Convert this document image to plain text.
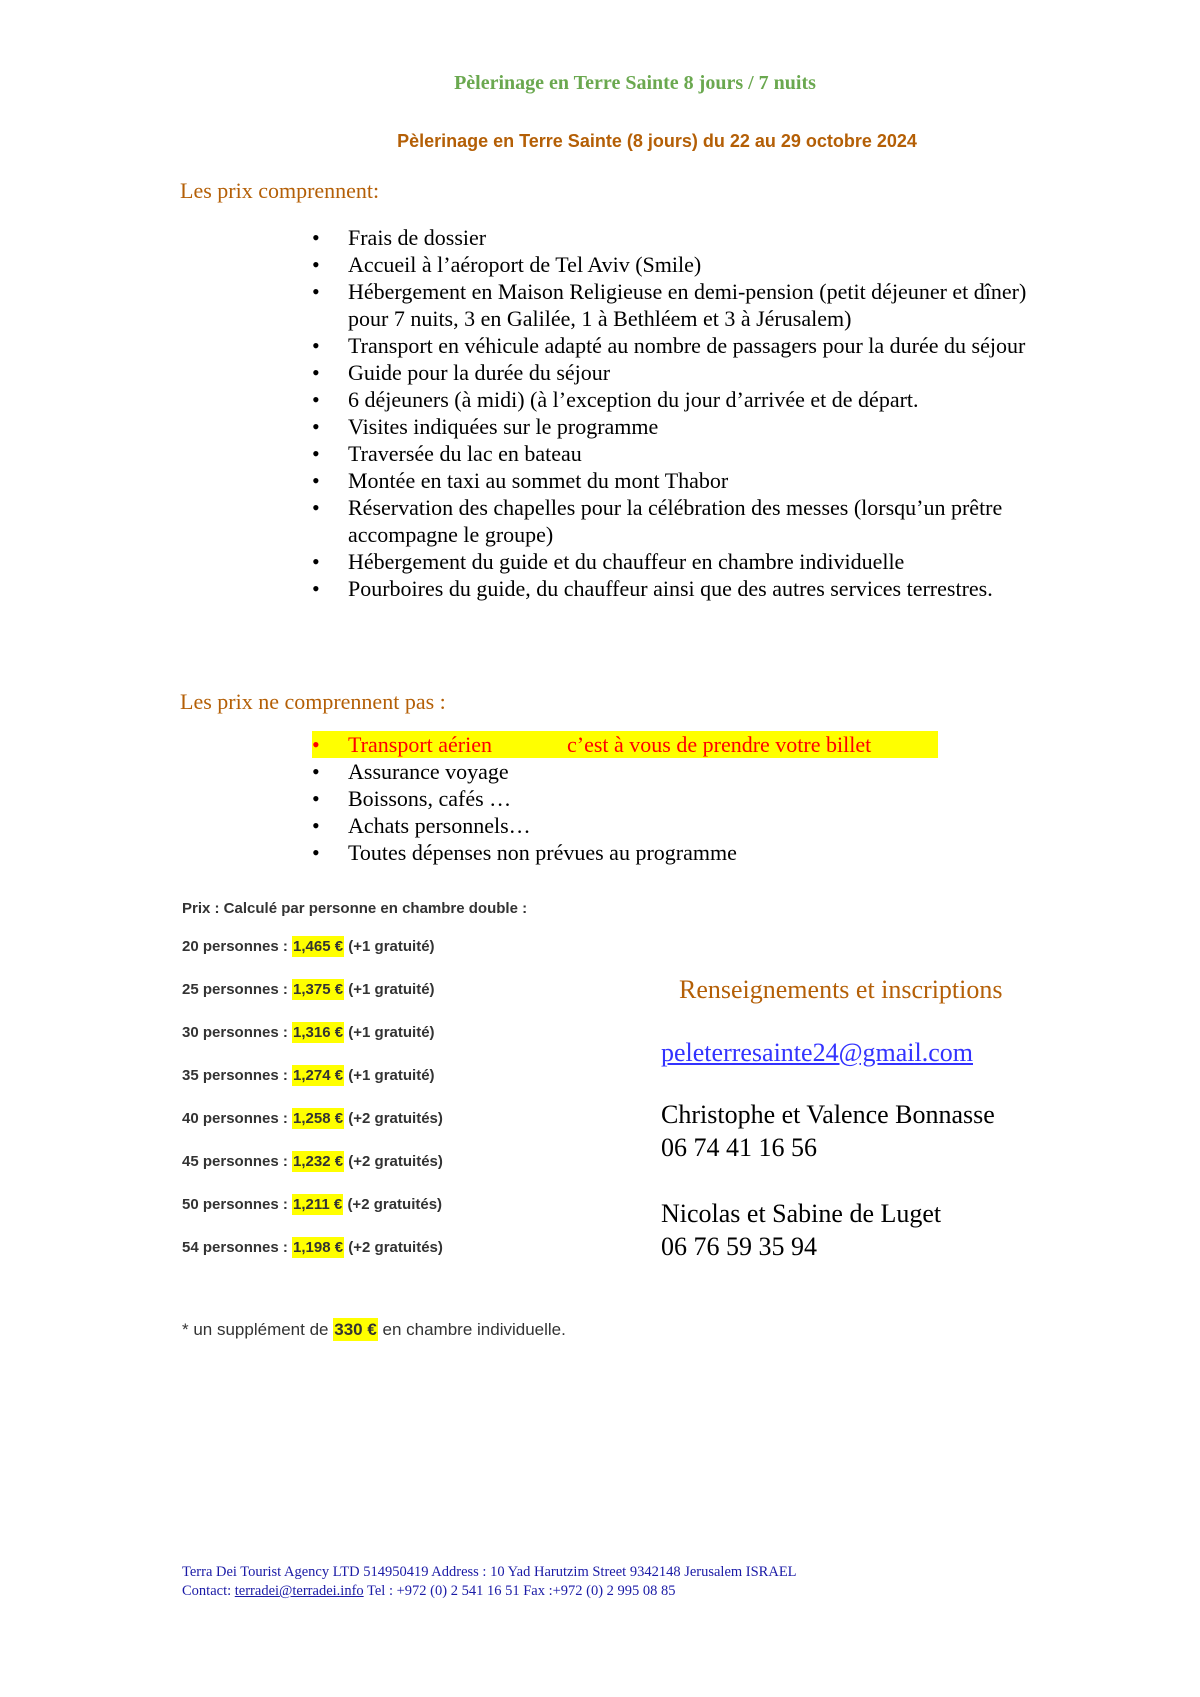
Pèlerinage en Terre Sainte 8 jours / 7 nuits
Pèlerinage en Terre Sainte (8 jours) du 22 au 29 octobre 2024
Les prix comprennent:
•	Frais de dossier
•	Accueil à l’aéroport de Tel Aviv (Smile)
•	Hébergement en Maison Religieuse en demi-pension (petit déjeuner et dîner) pour 7 nuits, 3 en Galilée, 1 à Bethléem et 3 à Jérusalem)
•	Transport en véhicule adapté au nombre de passagers pour la durée du séjour
•	Guide pour la durée du séjour
•	6 déjeuners (à midi) (à l’exception du jour d’arrivée et de départ.
•	Visites indiquées sur le programme
•	Traversée du lac en bateau
•	Montée en taxi au sommet du mont Thabor
•	Réservation des chapelles pour la célébration des messes (lorsqu’un prêtre accompagne le groupe)
•	Hébergement du guide et du chauffeur en chambre individuelle
•	Pourboires du guide, du chauffeur ainsi que des autres services terrestres.
Les prix ne comprennent pas :
•	Transport aérien	c’est à vous de prendre votre billet
•	Assurance voyage
•	Boissons, cafés …
•	Achats personnels…
•	Toutes dépenses non prévues au programme
Prix : Calculé par personne en chambre double :
20 personnes : 1,465 € (+1 gratuité)
25 personnes : 1,375 € (+1 gratuité)
30 personnes : 1,316 € (+1 gratuité)
35 personnes : 1,274 € (+1 gratuité)
40 personnes : 1,258 € (+2 gratuités)
45 personnes : 1,232 € (+2 gratuités)
50 personnes : 1,211 € (+2 gratuités)
54 personnes : 1,198 € (+2 gratuités)
* un supplément de 330 € en chambre individuelle.
Renseignements et inscriptions
peleterresainte24@gmail.com
Christophe et Valence Bonnasse
06 74 41 16 56
Nicolas et Sabine de Luget
06 76 59 35 94
Terra Dei Tourist Agency LTD 514950419 Address : 10 Yad Harutzim Street 9342148 Jerusalem ISRAEL
Contact: terradei@terradei.info Tel : +972 (0) 2 541 16 51 Fax :+972 (0) 2 995 08 85
